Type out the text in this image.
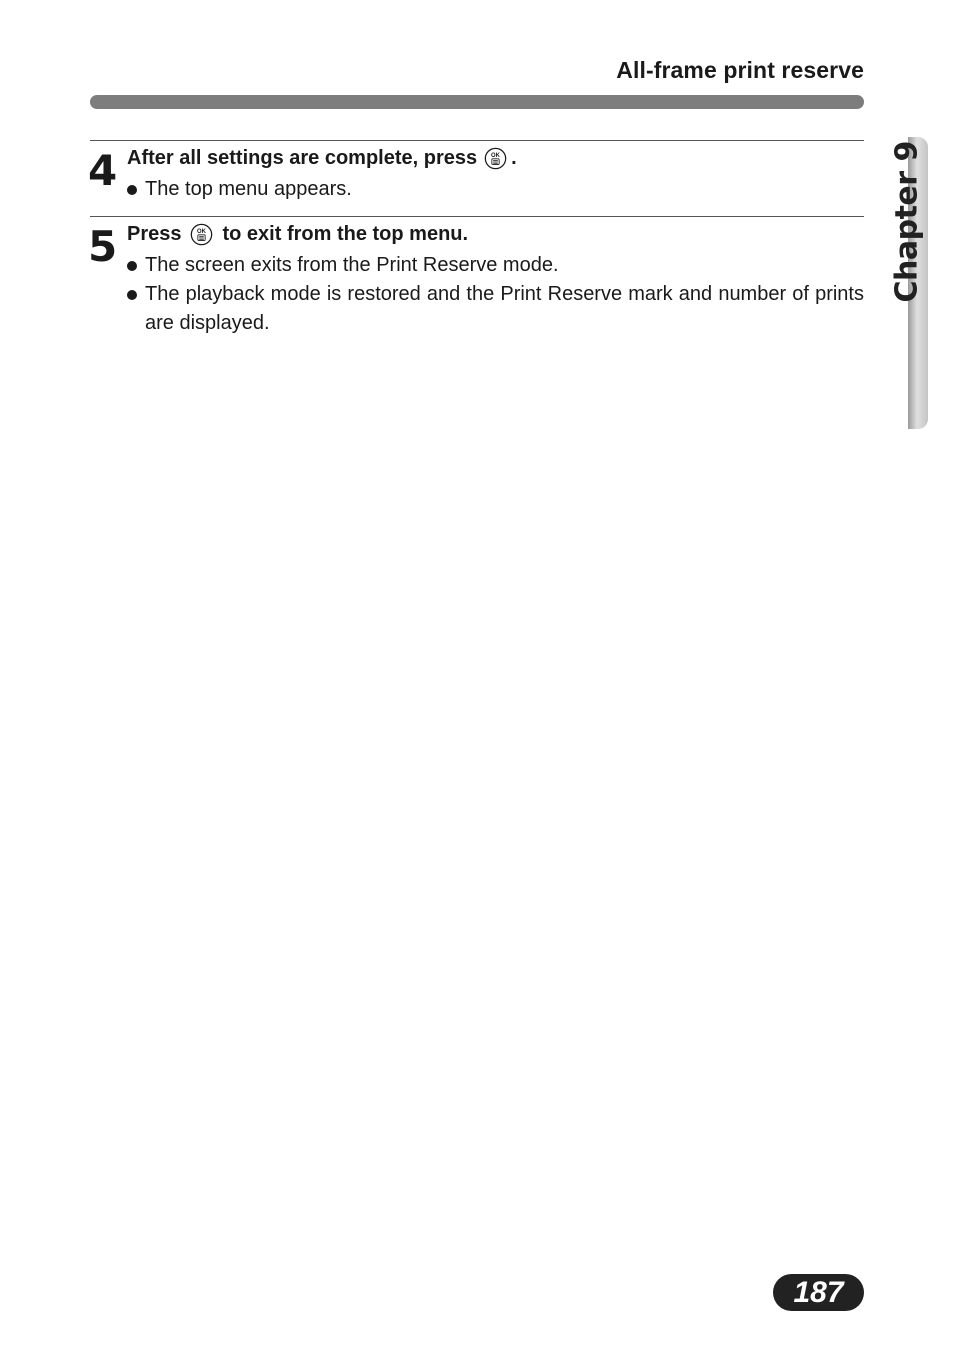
All-frame print reserve
Chapter 9
4 After all settings are complete, press OK .
The top menu appears.
5 Press OK to exit from the top menu.
The screen exits from the Print Reserve mode.
The playback mode is restored and the Print Reserve mark and number of prints are displayed.
187
